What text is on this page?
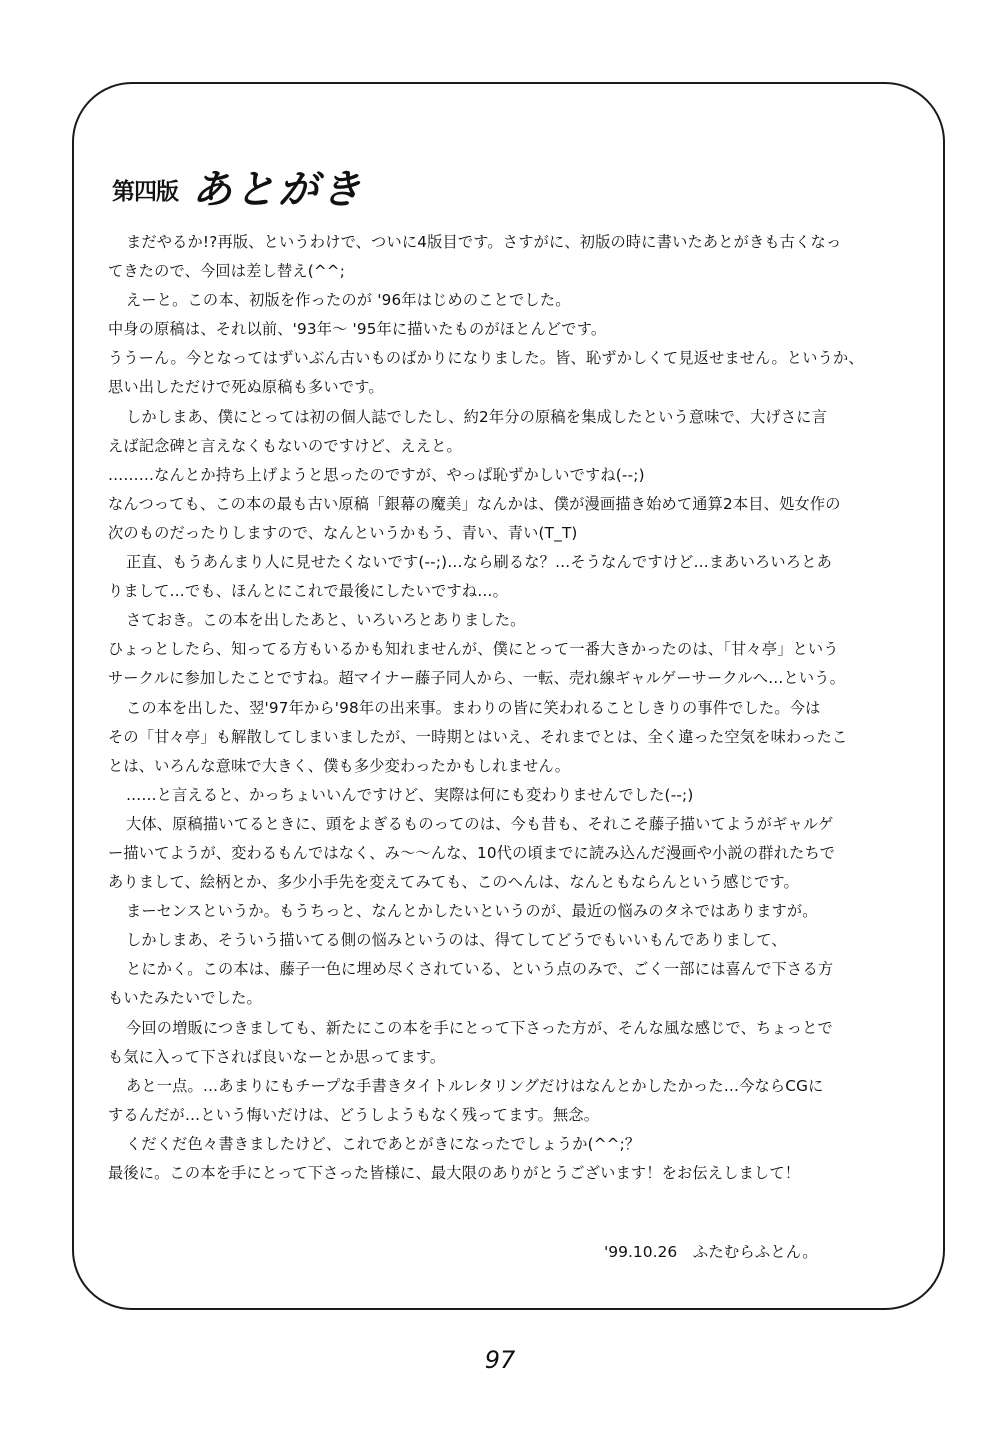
第四版 あとがき
まだやるか!?再版、というわけで、ついに4版目です。さすがに、初版の時に書いたあとがきも古くなっ
てきたので、今回は差し替え(^^;
えーと。この本、初版を作ったのが '96年はじめのことでした。
中身の原稿は、それ以前、'93年～ '95年に描いたものがほとんどです。
ううーん。今となってはずいぶん古いものばかりになりました。皆、恥ずかしくて見返せません。というか、
思い出しただけで死ぬ原稿も多いです。
しかしまあ、僕にとっては初の個人誌でしたし、約2年分の原稿を集成したという意味で、大げさに言
えば記念碑と言えなくもないのですけど、ええと。
………なんとか持ち上げようと思ったのですが、やっぱ恥ずかしいですね(--;)
なんつっても、この本の最も古い原稿「銀幕の魔美」なんかは、僕が漫画描き始めて通算2本目、処女作の
次のものだったりしますので、なんというかもう、青い、青い(T_T)
正直、もうあんまり人に見せたくないです(--;)…なら刷るな？…そうなんですけど…まあいろいろとあ
りまして…でも、ほんとにこれで最後にしたいですね…。
さておき。この本を出したあと、いろいろとありました。
ひょっとしたら、知ってる方もいるかも知れませんが、僕にとって一番大きかったのは、「甘々亭」という
サークルに参加したことですね。超マイナー藤子同人から、一転、売れ線ギャルゲーサークルへ…という。
この本を出した、翌'97年から'98年の出来事。まわりの皆に笑われることしきりの事件でした。今は
その「甘々亭」も解散してしまいましたが、一時期とはいえ、それまでとは、全く違った空気を味わったこ
とは、いろんな意味で大きく、僕も多少変わったかもしれません。
……と言えると、かっちょいいんですけど、実際は何にも変わりませんでした(--;)
大体、原稿描いてるときに、頭をよぎるものってのは、今も昔も、それこそ藤子描いてようがギャルゲ
ー描いてようが、変わるもんではなく、み～～んな、10代の頃までに読み込んだ漫画や小説の群れたちで
ありまして、絵柄とか、多少小手先を変えてみても、このへんは、なんともならんという感じです。
まーセンスというか。もうちっと、なんとかしたいというのが、最近の悩みのタネではありますが。
しかしまあ、そういう描いてる側の悩みというのは、得てしてどうでもいいもんでありまして、
とにかく。この本は、藤子一色に埋め尽くされている、という点のみで、ごく一部には喜んで下さる方
もいたみたいでした。
今回の増販につきましても、新たにこの本を手にとって下さった方が、そんな風な感じで、ちょっとで
も気に入って下されば良いなーとか思ってます。
あと一点。…あまりにもチープな手書きタイトルレタリングだけはなんとかしたかった…今ならCGに
するんだが…という悔いだけは、どうしようもなく残ってます。無念。
くだくだ色々書きましたけど、これであとがきになったでしょうか(^^;？
最後に。この本を手にとって下さった皆様に、最大限のありがとうございます！をお伝えしまして！
'99.10.26　ふたむらふとん。
97
